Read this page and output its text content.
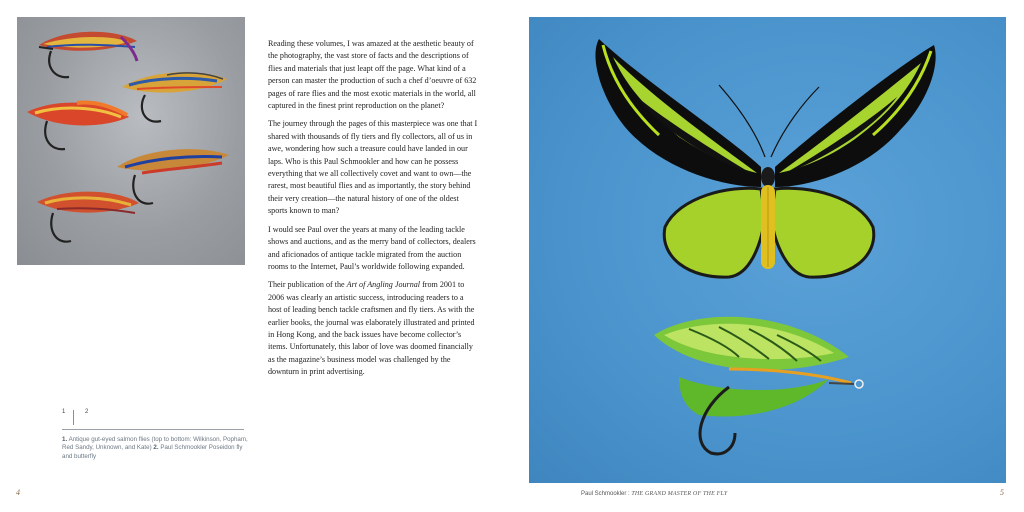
Reading these volumes, I was amazed at the aesthetic beauty of the photography, the vast store of facts and the descriptions of flies and materials that just leapt off the page. What kind of a person can master the production of such a chef d’oeuvre of 632 pages of rare flies and the most exotic materials in the world, all captured in the finest print reproduction on the planet?

The journey through the pages of this masterpiece was one that I shared with thousands of fly tiers and fly collectors, all of us in awe, wondering how such a treasure could have landed in our laps. Who is this Paul Schmookler and how can he possess everything that we all collectively covet and want to own—the rarest, most beautiful flies and as importantly, the story behind their very creation—the natural history of one of the oldest sports known to man?

I would see Paul over the years at many of the leading tackle shows and auctions, and as the merry band of collectors, dealers and aficionados of antique tackle migrated from the auction rooms to the Internet, Paul’s worldwide following expanded.

Their publication of the Art of Angling Journal from 2001 to 2006 was clearly an artistic success, introducing readers to a host of leading bench tackle craftsmen and fly tiers. As with the earlier books, the journal was elaborately illustrated and printed in Hong Kong, and the back issues have become collector’s items. Unfortunately, this labor of love was doomed financially as the magazine’s business model was challenged by the downturn in print advertising.

1	2
1. Antique gut-eyed salmon flies (top to bottom: Wilkinson, Popham, Red Sandy, Unknown, and Kate) 2. Paul Schmookler Poseidon fly and butterfly
4	Paul Schmookler : THE GRAND MASTER OF THE FLY	5
